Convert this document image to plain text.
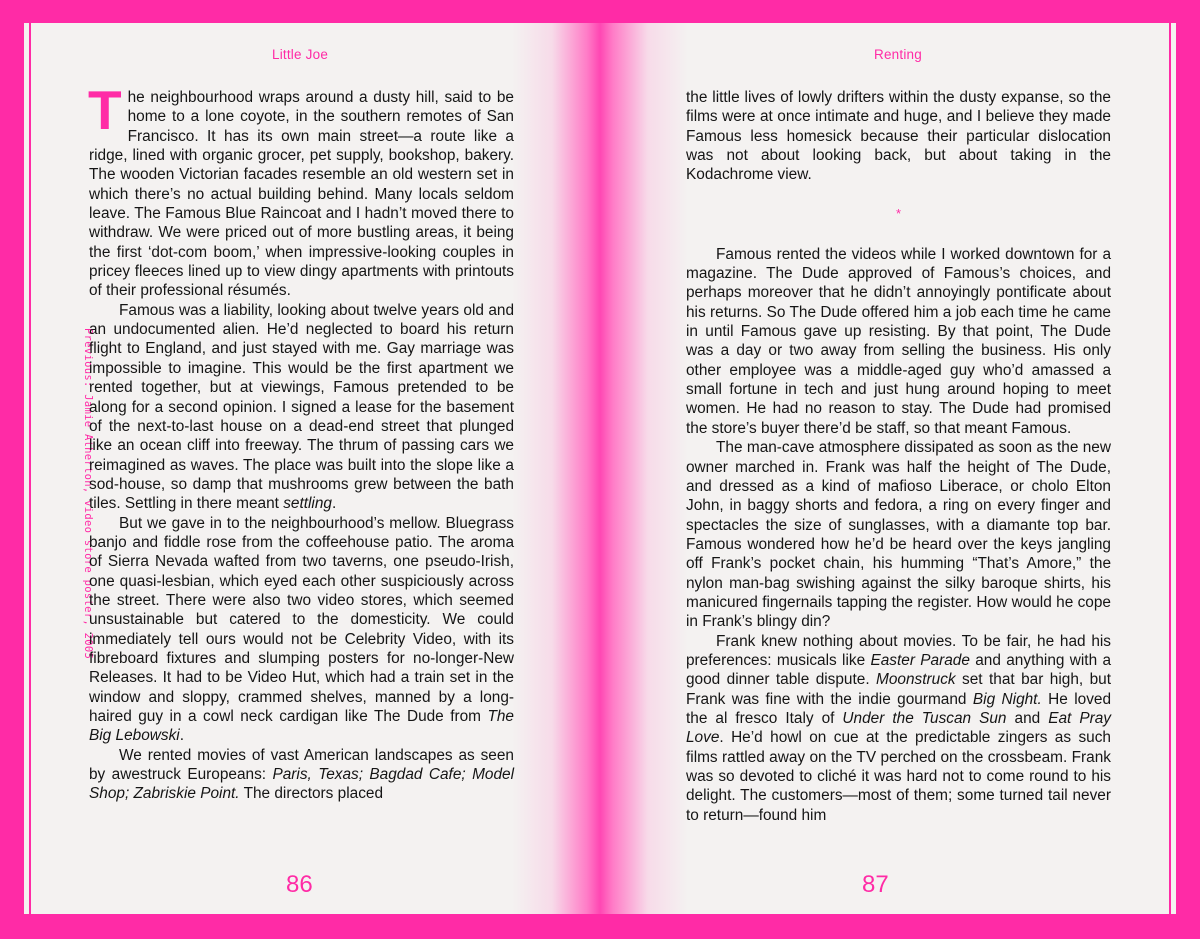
Little Joe
Previous: Jamie Atherton, video store poster, 2005

The neighbourhood wraps around a dusty hill, said to be home to a lone coyote, in the southern remotes of San Francisco. It has its own main street—a route like a ridge, lined with organic grocer, pet supply, bookshop, bakery. The wooden Victorian facades resemble an old western set in which there’s no actual building behind. Many locals seldom leave. The Famous Blue Raincoat and I hadn’t moved there to withdraw. We were priced out of more bustling areas, it being the first ‘dot-com boom,’ when impressive-looking couples in pricey fleeces lined up to view dingy apartments with printouts of their professional résumés.

Famous was a liability, looking about twelve years old and an undocumented alien. He’d neglected to board his return flight to England, and just stayed with me. Gay marriage was impossible to imagine. This would be the first apartment we rented together, but at viewings, Famous pretended to be along for a second opinion. I signed a lease for the basement of the next-to-last house on a dead-end street that plunged like an ocean cliff into freeway. The thrum of passing cars we reimagined as waves. The place was built into the slope like a sod-house, so damp that mushrooms grew between the bath tiles. Settling in there meant settling.

But we gave in to the neighbourhood’s mellow. Bluegrass banjo and fiddle rose from the coffeehouse patio. The aroma of Sierra Nevada wafted from two taverns, one pseudo-Irish, one quasi-lesbian, which eyed each other suspiciously across the street. There were also two video stores, which seemed unsustainable but catered to the domesticity. We could immediately tell ours would not be Celebrity Video, with its fibreboard fixtures and slumping posters for no-longer-New Releases. It had to be Video Hut, which had a train set in the window and sloppy, crammed shelves, manned by a long-haired guy in a cowl neck cardigan like The Dude from The Big Lebowski.

We rented movies of vast American landscapes as seen by awestruck Europeans: Paris, Texas; Bagdad Cafe; Model Shop; Zabriskie Point. The directors placed

86
Renting

the little lives of lowly drifters within the dusty expanse, so the films were at once intimate and huge, and I believe they made Famous less homesick because their particular dislocation was not about looking back, but about taking in the Kodachrome view.

*

Famous rented the videos while I worked downtown for a magazine. The Dude approved of Famous’s choices, and perhaps moreover that he didn’t annoyingly pontificate about his returns. So The Dude offered him a job each time he came in until Famous gave up resisting. By that point, The Dude was a day or two away from selling the business. His only other employee was a middle-aged guy who’d amassed a small fortune in tech and just hung around hoping to meet women. He had no reason to stay. The Dude had promised the store’s buyer there’d be staff, so that meant Famous.

The man-cave atmosphere dissipated as soon as the new owner marched in. Frank was half the height of The Dude, and dressed as a kind of mafioso Liberace, or cholo Elton John, in baggy shorts and fedora, a ring on every finger and spectacles the size of sunglasses, with a diamante top bar. Famous wondered how he’d be heard over the keys jangling off Frank’s pocket chain, his humming “That’s Amore,” the nylon man-bag swishing against the silky baroque shirts, his manicured fingernails tapping the register. How would he cope in Frank’s blingy din?

Frank knew nothing about movies. To be fair, he had his preferences: musicals like Easter Parade and anything with a good dinner table dispute. Moonstruck set that bar high, but Frank was fine with the indie gourmand Big Night. He loved the al fresco Italy of Under the Tuscan Sun and Eat Pray Love. He’d howl on cue at the predictable zingers as such films rattled away on the TV perched on the crossbeam. Frank was so devoted to cliché it was hard not to come round to his delight. The customers—most of them; some turned tail never to return—found him

87
